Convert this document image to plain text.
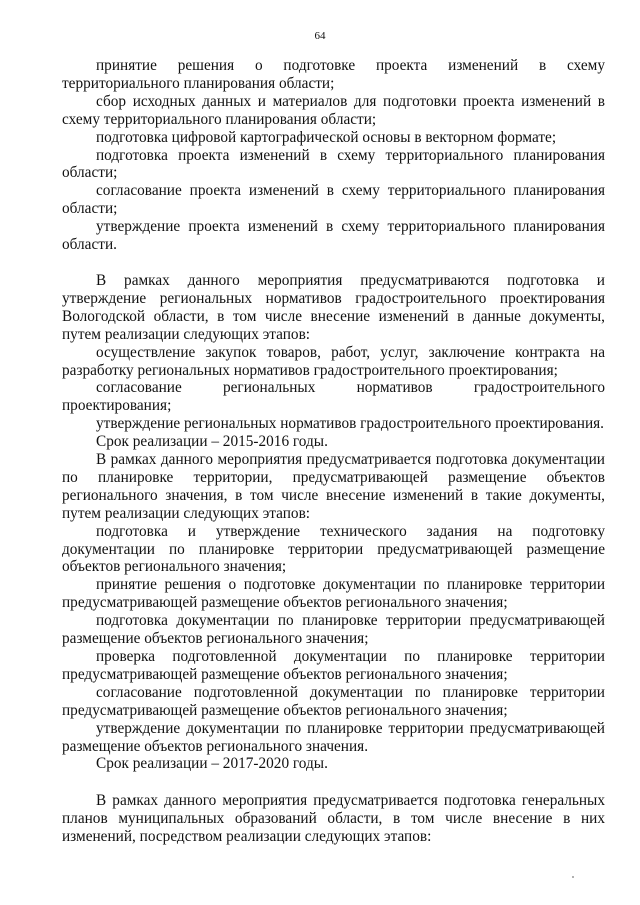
64

принятие решения о подготовке проекта изменений в схему территориального планирования области;

сбор исходных данных и материалов для подготовки проекта изменений в схему территориального планирования области;

подготовка цифровой картографической основы в векторном формате;

подготовка проекта изменений в схему территориального планирования области;

согласование проекта изменений в схему территориального планирования области;

утверждение проекта изменений в схему территориального планирования области.

В рамках данного мероприятия предусматриваются подготовка и утверждение региональных нормативов градостроительного проектирования Вологодской области, в том числе внесение изменений в данные документы, путем реализации следующих этапов:

осуществление закупок товаров, работ, услуг, заключение контракта на разработку региональных нормативов градостроительного проектирования;

согласование региональных нормативов градостроительного проектирования;

утверждение региональных нормативов градостроительного проектирования.

Срок реализации – 2015-2016 годы.

В рамках данного мероприятия предусматривается подготовка документации по планировке территории, предусматривающей размещение объектов регионального значения, в том числе внесение изменений в такие документы, путем реализации следующих этапов:

подготовка и утверждение технического задания на подготовку документации по планировке территории предусматривающей размещение объектов регионального значения;

принятие решения о подготовке документации по планировке территории предусматривающей размещение объектов регионального значения;

подготовка документации по планировке территории предусматривающей размещение объектов регионального значения;

проверка подготовленной документации по планировке территории предусматривающей размещение объектов регионального значения;

согласование подготовленной документации по планировке территории предусматривающей размещение объектов регионального значения;

утверждение документации по планировке территории предусматривающей размещение объектов регионального значения.

Срок реализации – 2017-2020 годы.

В рамках данного мероприятия предусматривается подготовка генеральных планов муниципальных образований области, в том числе внесение в них изменений, посредством реализации следующих этапов:
